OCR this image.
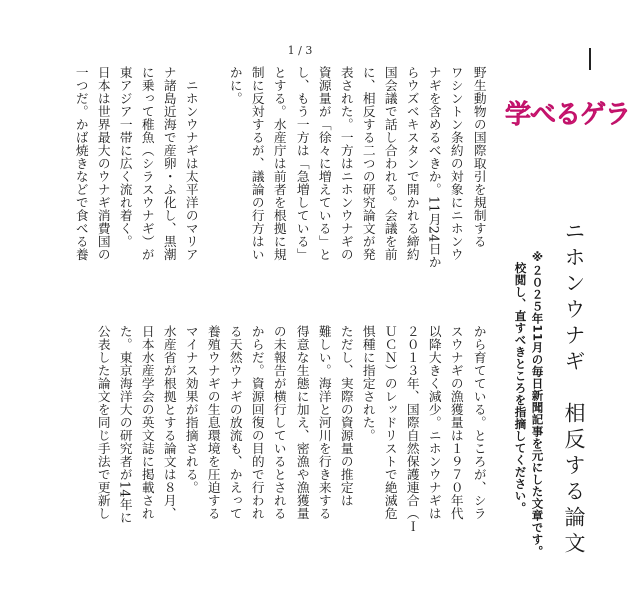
1 / 3
学べるゲラ
ニホンウナギ　相反する論文
※２０２５年11月の毎日新聞記事を元にした文章です。
校閲し、直すべきところを指摘してください。
野生動物の国際取引を規制する
ワシントン条約の対象にニホンウ
ナギを含めるべきか。11月24日か
らウズベキスタンで開かれる締約
国会議で話し合われる。会議を前
に、相反する二つの研究論文が発
表された。一方はニホンウナギの
資源量が「徐々に増えている」と
し、もう一方は「急増している」
とする。水産庁は前者を根拠に規
制に反対するが、議論の行方はい
かに。
　ニホンウナギは太平洋のマリア
ナ諸島近海で産卵・ふ化し、黒潮
に乗って稚魚（シラスウナギ）が
東アジア一帯に広く流れ着く。
日本は世界最大のウナギ消費国の
一つだ。かば焼きなどで食べる養
から育てている。ところが、シラ
スウナギの漁獲量は１９７０年代
以降大きく減少。ニホンウナギは
２０１３年、国際自然保護連合（Ｉ
ＵＣＮ）のレッドリストで絶滅危
惧種に指定された。
ただし、実際の資源量の推定は
難しい。海洋と河川を行き来する
得意な生態に加え、密漁や漁獲量
の未報告が横行しているとされる
からだ。資源回復の目的で行われ
る天然ウナギの放流も、かえって
養殖ウナギの生息環境を圧迫する
マイナス効果が指摘される。
水産省が根拠とする論文は８月、
日本水産学会の英文誌に掲載され
た。東京海洋大の研究者が14年に
公表した論文を同じ手法で更新し
